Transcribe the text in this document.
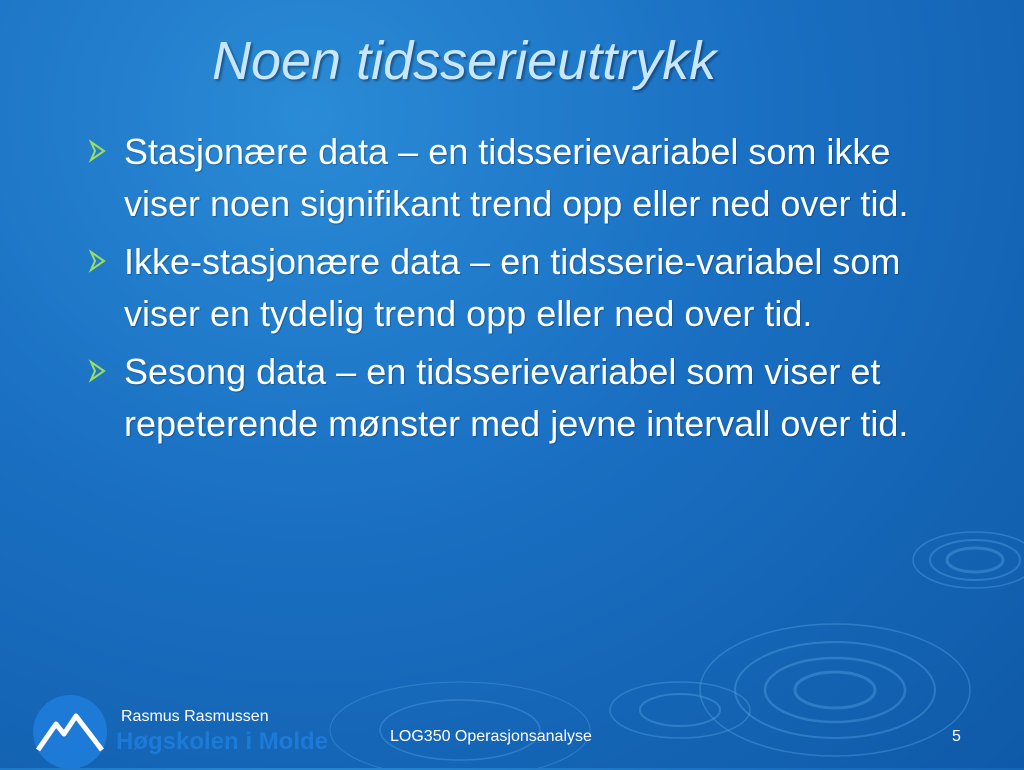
Noen tidsserieuttrykk
Stasjonære data – en tidsserievariabel som ikke viser noen signifikant trend opp eller ned over tid.
Ikke-stasjonære data – en tidsserie-variabel som viser en tydelig trend opp eller ned over tid.
Sesong data – en tidsserievariabel som viser et repeterende mønster med jevne intervall over tid.
Høgskolen i Molde
Rasmus Rasmussen
LOG350 Operasjonsanalyse	5
